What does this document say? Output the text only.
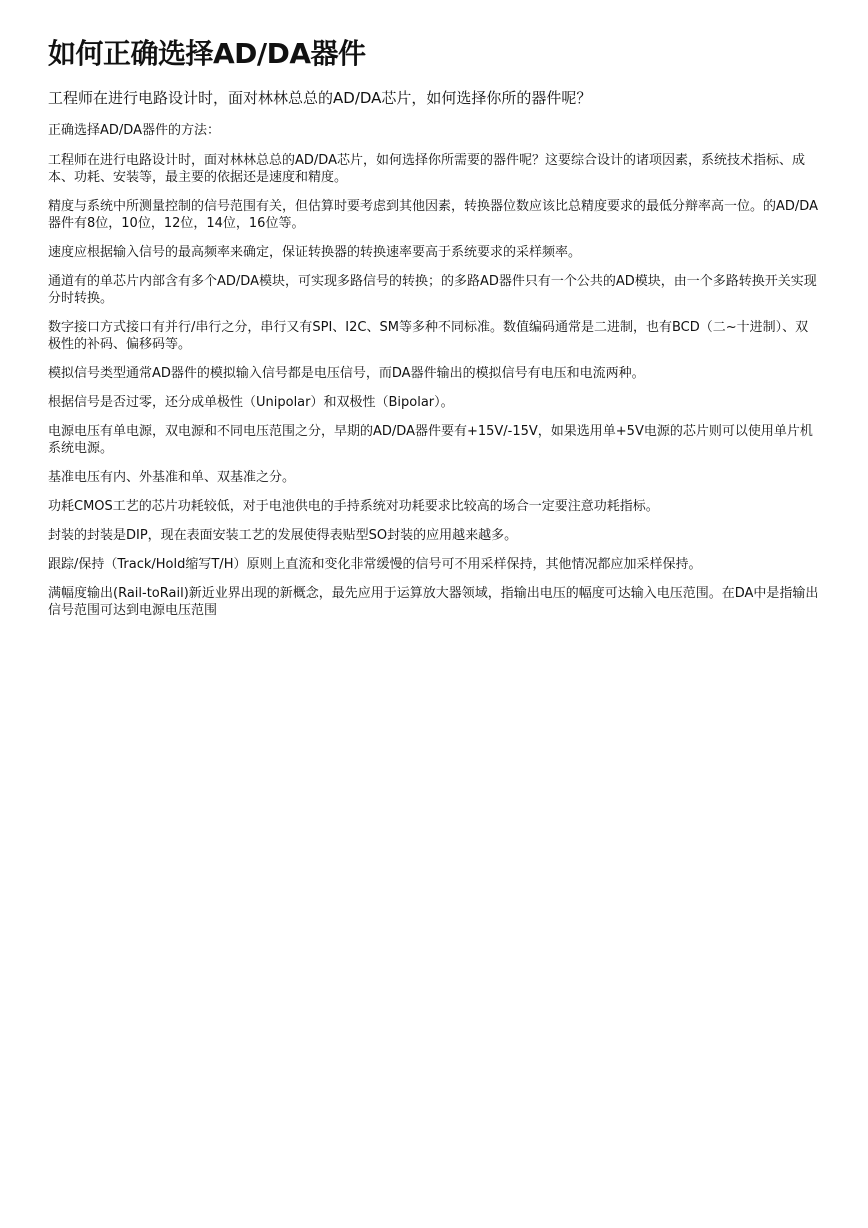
如何正确选择AD/DA器件

工程师在进行电路设计时，面对林林总总的AD/DA芯片，如何选择你所的器件呢？

正确选择AD/DA器件的方法：

工程师在进行电路设计时，面对林林总总的AD/DA芯片，如何选择你所需要的器件呢？这要综合设计的诸项因素，系统技术指标、成本、功耗、安装等，最主要的依据还是速度和精度。

精度与系统中所测量控制的信号范围有关，但估算时要考虑到其他因素，转换器位数应该比总精度要求的最低分辩率高一位。的AD/DA器件有8位，10位，12位，14位，16位等。

速度应根据输入信号的最高频率来确定，保证转换器的转换速率要高于系统要求的采样频率。

通道有的单芯片内部含有多个AD/DA模块，可实现多路信号的转换；的多路AD器件只有一个公共的AD模块，由一个多路转换开关实现分时转换。

数字接口方式接口有并行/串行之分，串行又有SPI、I2C、SM等多种不同标准。数值编码通常是二进制，也有BCD（二~十进制）、双极性的补码、偏移码等。

模拟信号类型通常AD器件的模拟输入信号都是电压信号，而DA器件输出的模拟信号有电压和电流两种。

根据信号是否过零，还分成单极性（Unipolar）和双极性（Bipolar）。

电源电压有单电源，双电源和不同电压范围之分，早期的AD/DA器件要有+15V/-15V，如果选用单+5V电源的芯片则可以使用单片机系统电源。

基准电压有内、外基准和单、双基准之分。

功耗CMOS工艺的芯片功耗较低，对于电池供电的手持系统对功耗要求比较高的场合一定要注意功耗指标。

封装的封装是DIP，现在表面安装工艺的发展使得表贴型SO封装的应用越来越多。

跟踪/保持（Track/Hold缩写T/H）原则上直流和变化非常缓慢的信号可不用采样保持，其他情况都应加采样保持。

满幅度输出(Rail-toRail)新近业界出现的新概念，最先应用于运算放大器领域，指输出电压的幅度可达输入电压范围。在DA中是指输出信号范围可达到电源电压范围
